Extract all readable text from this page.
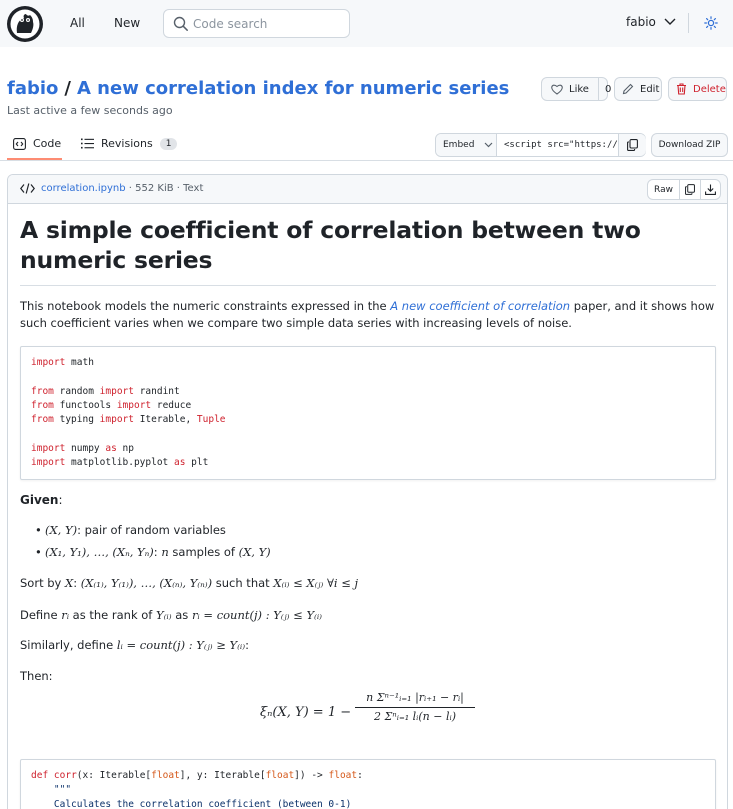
All New
Code search	fabio
fabio / A new correlation index for numeric series
Last active a few seconds ago
Like	0	Edit	Delete
Code	Revisions	1	Embed
<script src="https://	Download ZIP
correlation.ipynb · 552 KiB · Text	Raw
A simple coefficient of correlation between two numeric series
This notebook models the numeric constraints expressed in the A new coefficient of correlation paper, and it shows how such coefficient varies when we compare two simple data series with increasing levels of noise.
import math

from random import randint
from functools import reduce
from typing import Iterable, Tuple

import numpy as np
import matplotlib.pyplot as plt
Given:
• (X, Y): pair of random variables
• (X₁, Y₁), …, (Xₙ, Yₙ): n samples of (X, Y)
Sort by X: (X₍₁₎, Y₍₁₎), …, (X₍ₙ₎, Y₍ₙ₎) such that X₍ᵢ₎ ≤ X₍ⱼ₎ ∀i ≤ j
Define rᵢ as the rank of Y₍ᵢ₎ as rᵢ = count(j) : Y₍ⱼ₎ ≤ Y₍ᵢ₎
Similarly, define lᵢ = count(j) : Y₍ⱼ₎ ≥ Y₍ᵢ₎:
Then:
ξₙ(X, Y) = 1 −
n Σⁿ⁻¹ᵢ₌₁ |rᵢ₊₁ − rᵢ|
2 Σⁿᵢ₌₁ lᵢ(n − lᵢ)
def corr(x: Iterable[float], y: Iterable[float]) -> float:
"""
Calculates the correlation coefficient (between 0-1)
